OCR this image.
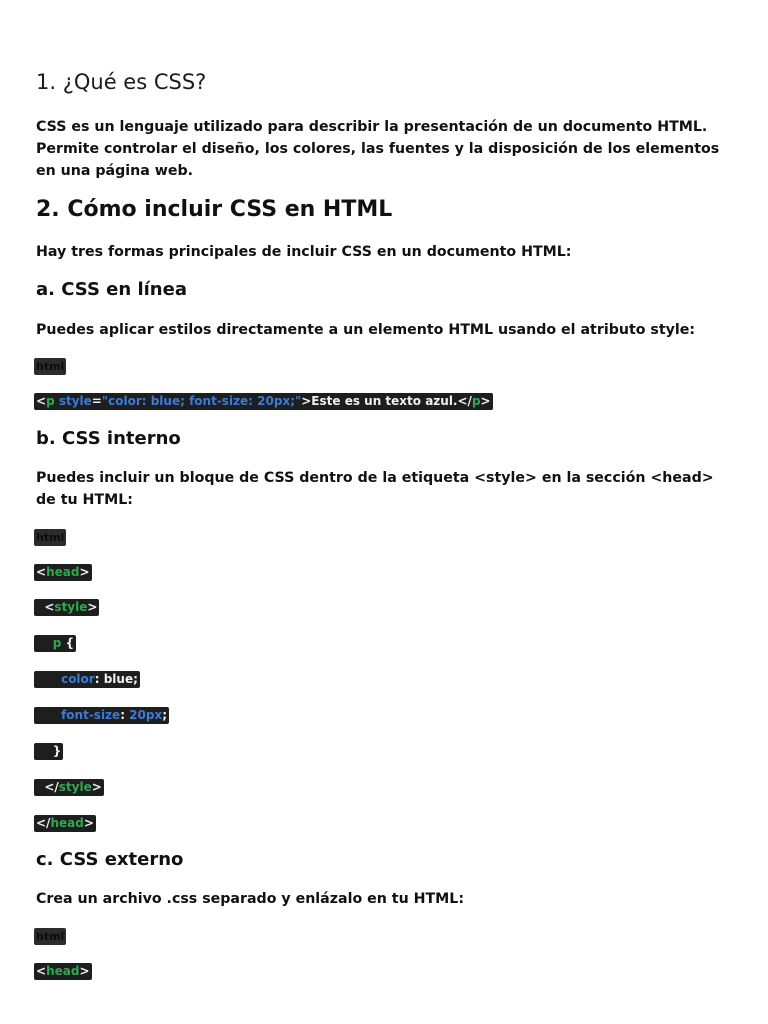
1. ¿Qué es CSS?
CSS es un lenguaje utilizado para describir la presentación de un documento HTML. Permite controlar el diseño, los colores, las fuentes y la disposición de los elementos en una página web.
2. Cómo incluir CSS en HTML
Hay tres formas principales de incluir CSS en un documento HTML:
a. CSS en línea
Puedes aplicar estilos directamente a un elemento HTML usando el atributo style:
html
<p style="color: blue; font-size: 20px;">Este es un texto azul.</p>
b. CSS interno
Puedes incluir un bloque de CSS dentro de la etiqueta <style> en la sección <head> de tu HTML:
html
<head>
<style>
p {
color: blue;
font-size: 20px;
}
</style>
</head>
c. CSS externo
Crea un archivo .css separado y enlázalo en tu HTML:
html
<head>
